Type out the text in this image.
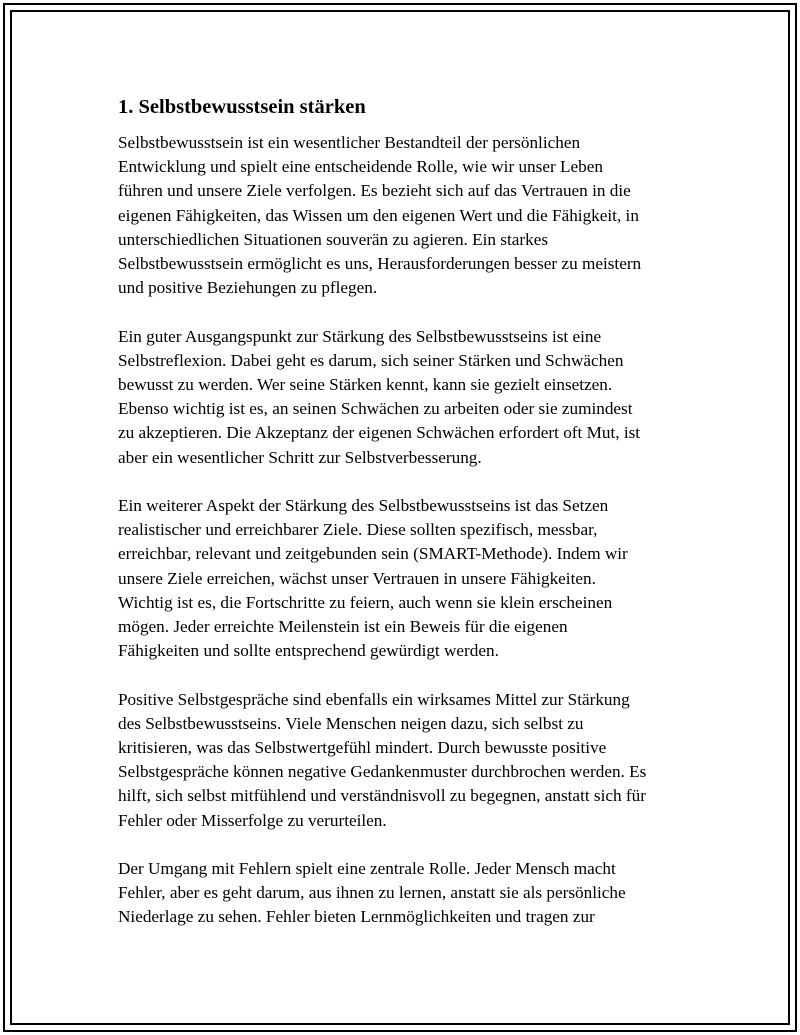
1. Selbstbewusstsein stärken

Selbstbewusstsein ist ein wesentlicher Bestandteil der persönlichen
Entwicklung und spielt eine entscheidende Rolle, wie wir unser Leben
führen und unsere Ziele verfolgen. Es bezieht sich auf das Vertrauen in die
eigenen Fähigkeiten, das Wissen um den eigenen Wert und die Fähigkeit, in
unterschiedlichen Situationen souverän zu agieren. Ein starkes
Selbstbewusstsein ermöglicht es uns, Herausforderungen besser zu meistern
und positive Beziehungen zu pflegen.

Ein guter Ausgangspunkt zur Stärkung des Selbstbewusstseins ist eine
Selbstreflexion. Dabei geht es darum, sich seiner Stärken und Schwächen
bewusst zu werden. Wer seine Stärken kennt, kann sie gezielt einsetzen.
Ebenso wichtig ist es, an seinen Schwächen zu arbeiten oder sie zumindest
zu akzeptieren. Die Akzeptanz der eigenen Schwächen erfordert oft Mut, ist
aber ein wesentlicher Schritt zur Selbstverbesserung.

Ein weiterer Aspekt der Stärkung des Selbstbewusstseins ist das Setzen
realistischer und erreichbarer Ziele. Diese sollten spezifisch, messbar,
erreichbar, relevant und zeitgebunden sein (SMART-Methode). Indem wir
unsere Ziele erreichen, wächst unser Vertrauen in unsere Fähigkeiten.
Wichtig ist es, die Fortschritte zu feiern, auch wenn sie klein erscheinen
mögen. Jeder erreichte Meilenstein ist ein Beweis für die eigenen
Fähigkeiten und sollte entsprechend gewürdigt werden.

Positive Selbstgespräche sind ebenfalls ein wirksames Mittel zur Stärkung
des Selbstbewusstseins. Viele Menschen neigen dazu, sich selbst zu
kritisieren, was das Selbstwertgefühl mindert. Durch bewusste positive
Selbstgespräche können negative Gedankenmuster durchbrochen werden. Es
hilft, sich selbst mitfühlend und verständnisvoll zu begegnen, anstatt sich für
Fehler oder Misserfolge zu verurteilen.

Der Umgang mit Fehlern spielt eine zentrale Rolle. Jeder Mensch macht
Fehler, aber es geht darum, aus ihnen zu lernen, anstatt sie als persönliche
Niederlage zu sehen. Fehler bieten Lernmöglichkeiten und tragen zur
